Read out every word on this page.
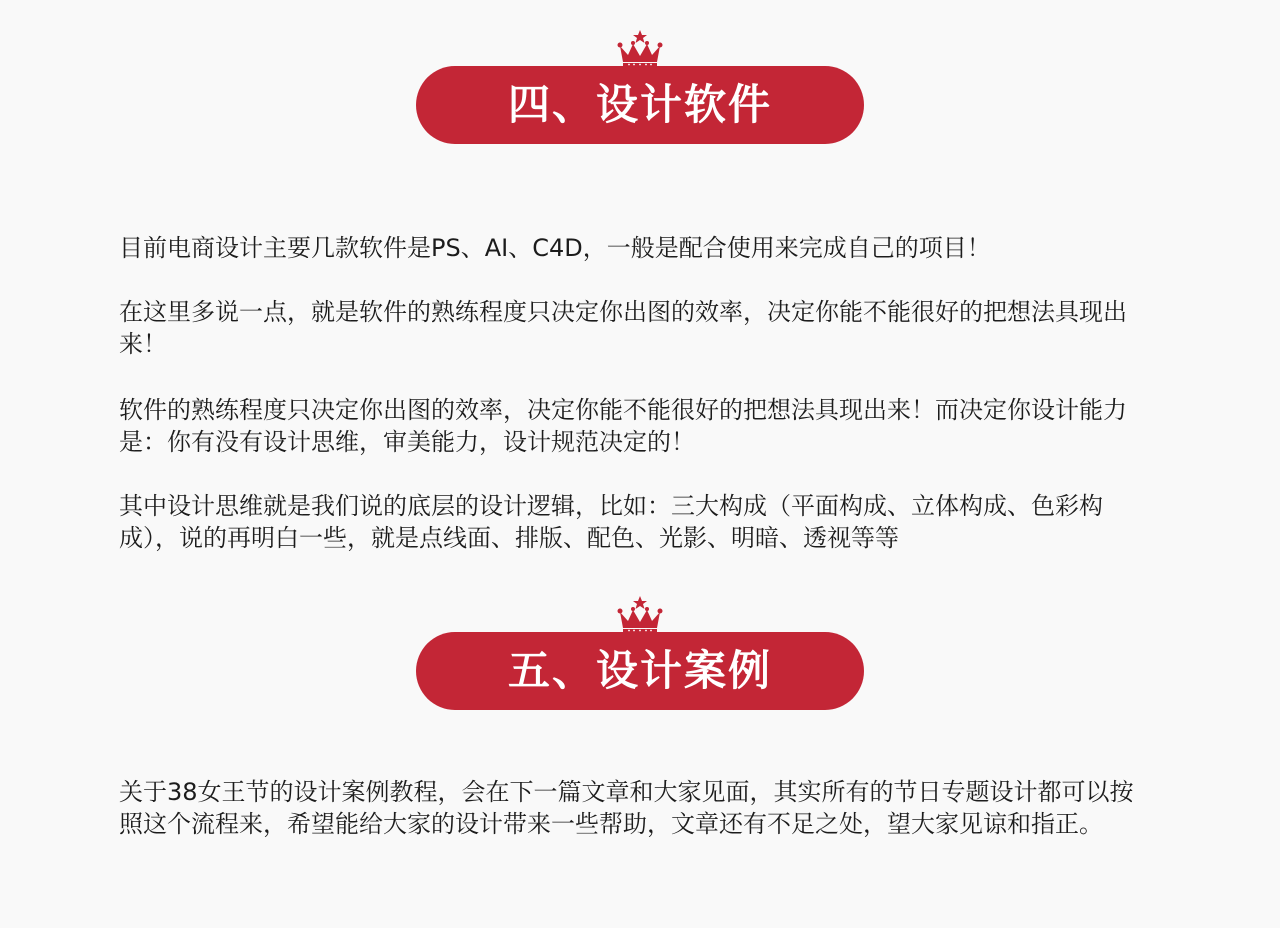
四、设计软件

目前电商设计主要几款软件是PS、AI、C4D，一般是配合使用来完成自己的项目！

在这里多说一点，就是软件的熟练程度只决定你出图的效率，决定你能不能很好的把想法具现出来！

软件的熟练程度只决定你出图的效率，决定你能不能很好的把想法具现出来！而决定你设计能力是：你有没有设计思维，审美能力，设计规范决定的！

其中设计思维就是我们说的底层的设计逻辑，比如：三大构成（平面构成、立体构成、色彩构成），说的再明白一些，就是点线面、排版、配色、光影、明暗、透视等等

五、设计案例

关于38女王节的设计案例教程，会在下一篇文章和大家见面，其实所有的节日专题设计都可以按照这个流程来，希望能给大家的设计带来一些帮助，文章还有不足之处，望大家见谅和指正。
